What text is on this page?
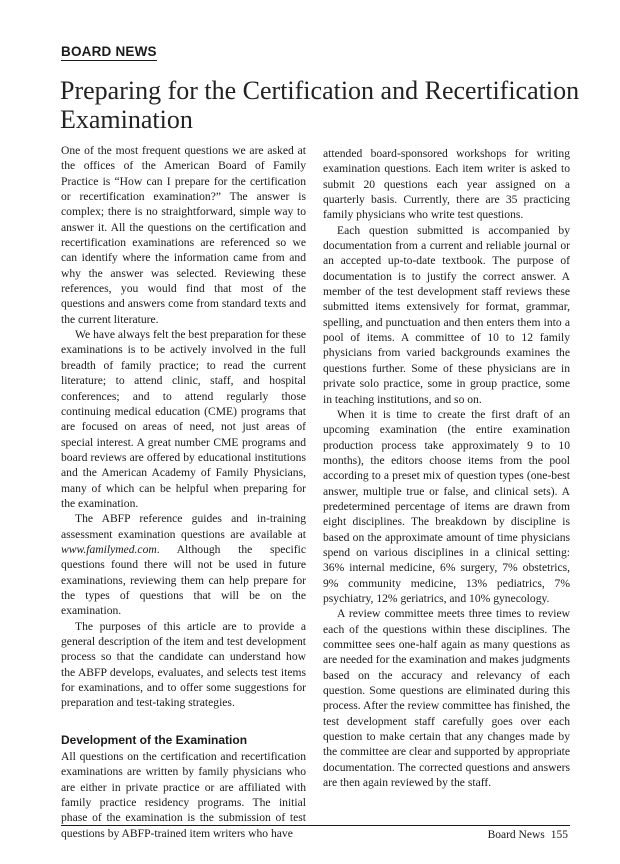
BOARD NEWS
Preparing for the Certification and Recertification Examination

One of the most frequent questions we are asked at the offices of the American Board of Family Practice is “How can I prepare for the certification or recertification examination?” The answer is complex; there is no straightforward, simple way to answer it. All the questions on the certification and recertification examinations are referenced so we can identify where the information came from and why the answer was selected. Reviewing these references, you would find that most of the questions and answers come from standard texts and the current literature.

We have always felt the best preparation for these examinations is to be actively involved in the full breadth of family practice; to read the current literature; to attend clinic, staff, and hospital conferences; and to attend regularly those continuing medical education (CME) programs that are focused on areas of need, not just areas of special interest. A great number CME programs and board reviews are offered by educational institutions and the American Academy of Family Physicians, many of which can be helpful when preparing for the examination.

The ABFP reference guides and in-training assessment examination questions are available at www.familymed.com. Although the specific questions found there will not be used in future examinations, reviewing them can help prepare for the types of questions that will be on the examination.

The purposes of this article are to provide a general description of the item and test development process so that the candidate can understand how the ABFP develops, evaluates, and selects test items for examinations, and to offer some suggestions for preparation and test-taking strategies.

Development of the Examination

All questions on the certification and recertification examinations are written by family physicians who are either in private practice or are affiliated with family practice residency programs. The initial phase of the examination is the submission of test questions by ABFP-trained item writers who have

attended board-sponsored workshops for writing examination questions. Each item writer is asked to submit 20 questions each year assigned on a quarterly basis. Currently, there are 35 practicing family physicians who write test questions.

Each question submitted is accompanied by documentation from a current and reliable journal or an accepted up-to-date textbook. The purpose of documentation is to justify the correct answer. A member of the test development staff reviews these submitted items extensively for format, grammar, spelling, and punctuation and then enters them into a pool of items. A committee of 10 to 12 family physicians from varied backgrounds examines the questions further. Some of these physicians are in private solo practice, some in group practice, some in teaching institutions, and so on.

When it is time to create the first draft of an upcoming examination (the entire examination production process take approximately 9 to 10 months), the editors choose items from the pool according to a preset mix of question types (one-best answer, multiple true or false, and clinical sets). A predetermined percentage of items are drawn from eight disciplines. The breakdown by discipline is based on the approximate amount of time physicians spend on various disciplines in a clinical setting: 36% internal medicine, 6% surgery, 7% obstetrics, 9% community medicine, 13% pediatrics, 7% psychiatry, 12% geriatrics, and 10% gynecology.

A review committee meets three times to review each of the questions within these disciplines. The committee sees one-half again as many questions as are needed for the examination and makes judgments based on the accuracy and relevancy of each question. Some questions are eliminated during this process. After the review committee has finished, the test development staff carefully goes over each question to make certain that any changes made by the committee are clear and supported by appropriate documentation. The corrected questions and answers are then again reviewed by the staff.

Board News 155
